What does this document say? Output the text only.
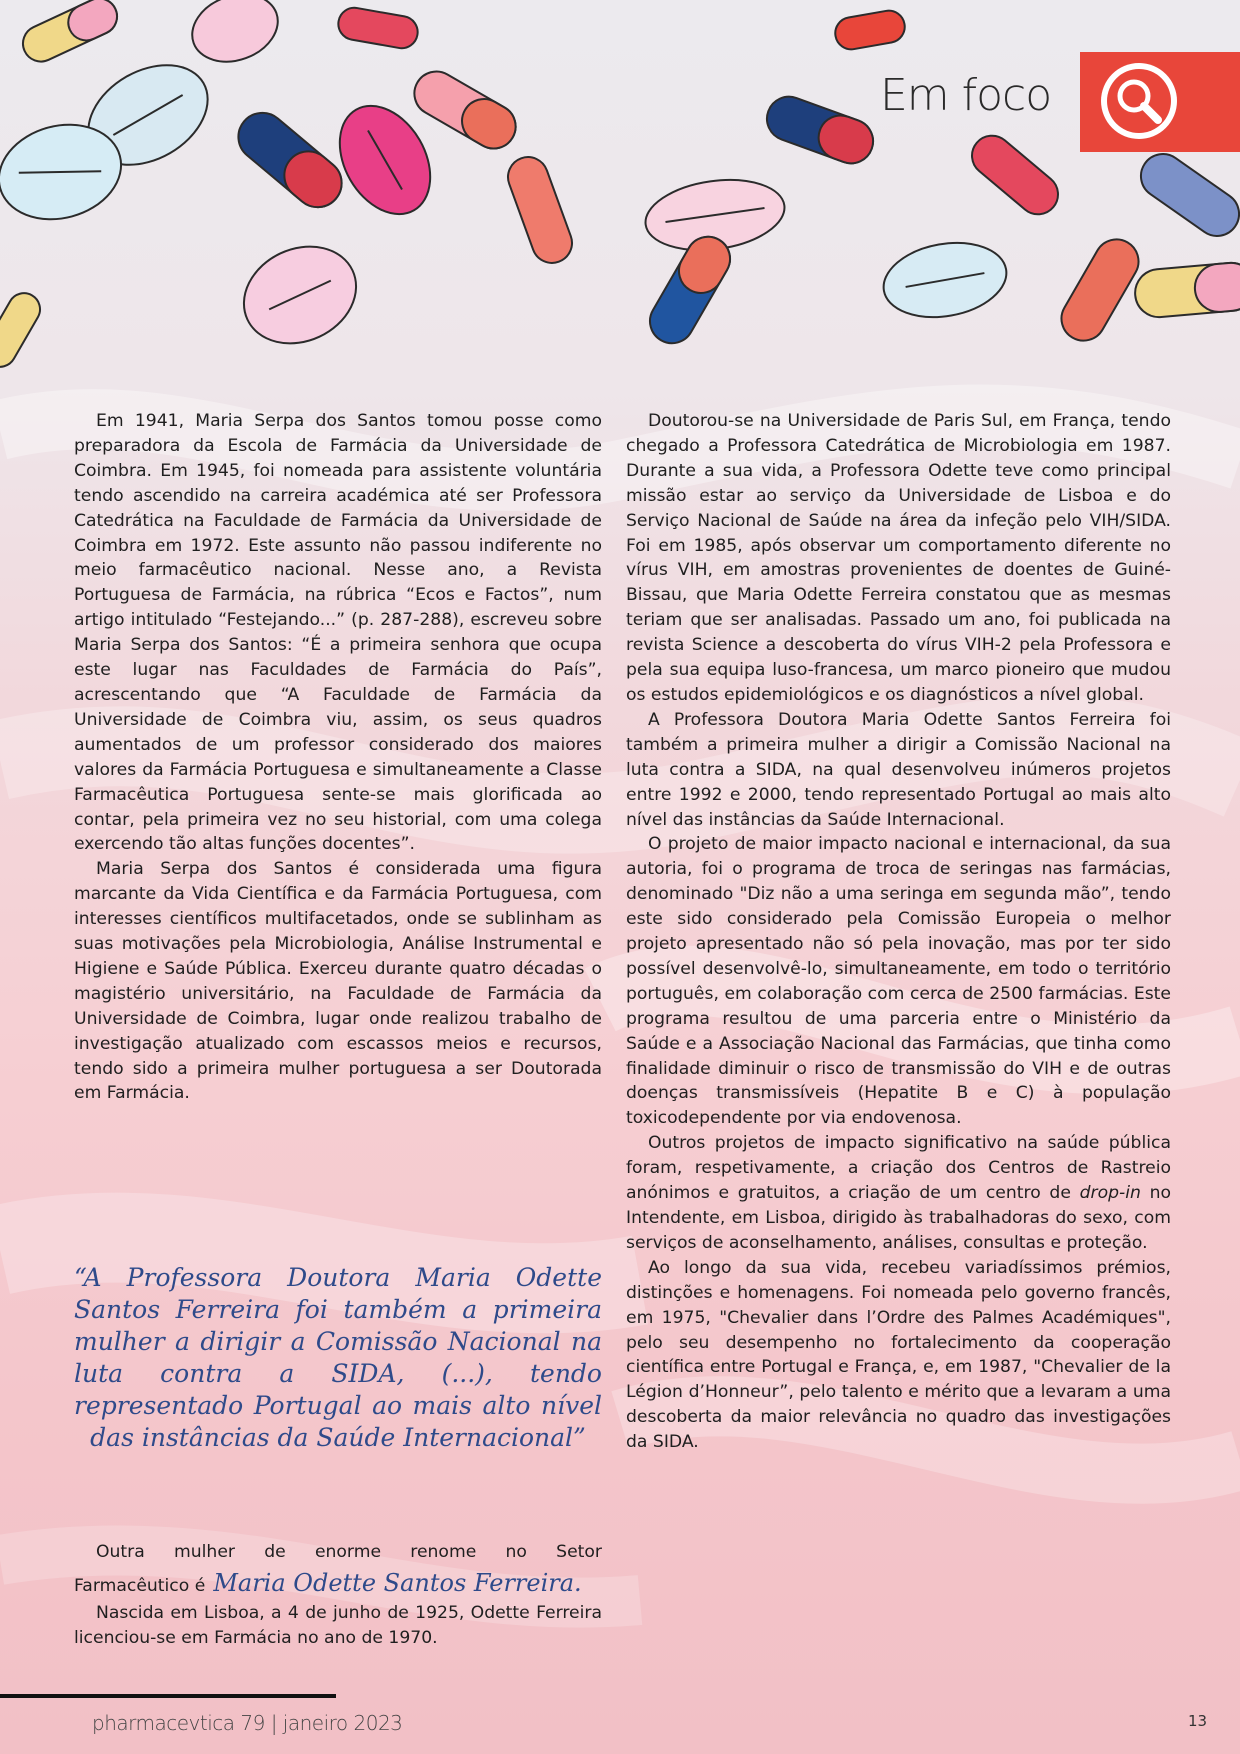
Em foco

Em 1941, Maria Serpa dos Santos tomou posse como preparadora da Escola de Farmácia da Universidade de Coimbra. Em 1945, foi nomeada para assistente voluntária tendo ascendido na carreira académica até ser Professora Catedrática na Faculdade de Farmácia da Universidade de Coimbra em 1972. Este assunto não passou indiferente no meio farmacêutico nacional. Nesse ano, a Revista Portuguesa de Farmácia, na rúbrica “Ecos e Factos”, num artigo intitulado “Festejando...” (p. 287-288), escreveu sobre Maria Serpa dos Santos: “É a primeira senhora que ocupa este lugar nas Faculdades de Farmácia do País”, acrescentando que “A Faculdade de Farmácia da Universidade de Coimbra viu, assim, os seus quadros aumentados de um professor considerado dos maiores valores da Farmácia Portuguesa e simultaneamente a Classe Farmacêutica Portuguesa sente-se mais glorificada ao contar, pela primeira vez no seu historial, com uma colega exercendo tão altas funções docentes”.

Maria Serpa dos Santos é considerada uma figura marcante da Vida Científica e da Farmácia Portuguesa, com interesses científicos multifacetados, onde se sublinham as suas motivações pela Microbiologia, Análise Instrumental e Higiene e Saúde Pública. Exerceu durante quatro décadas o magistério universitário, na Faculdade de Farmácia da Universidade de Coimbra, lugar onde realizou trabalho de investigação atualizado com escassos meios e recursos, tendo sido a primeira mulher portuguesa a ser Doutorada em Farmácia.

“A Professora Doutora Maria Odette Santos Ferreira foi também a primeira mulher a dirigir a Comissão Nacional na luta contra a SIDA, (...), tendo representado Portugal ao mais alto nível das instâncias da Saúde Internacional”

Outra mulher de enorme renome no Setor

Farmacêutico é Maria Odette Santos Ferreira.

Nascida em Lisboa, a 4 de junho de 1925, Odette Ferreira licenciou-se em Farmácia no ano de 1970.

Doutorou-se na Universidade de Paris Sul, em França, tendo chegado a Professora Catedrática de Microbiologia em 1987. Durante a sua vida, a Professora Odette teve como principal missão estar ao serviço da Universidade de Lisboa e do Serviço Nacional de Saúde na área da infeção pelo VIH/SIDA. Foi em 1985, após observar um comportamento diferente no vírus VIH, em amostras provenientes de doentes de Guiné-Bissau, que Maria Odette Ferreira constatou que as mesmas teriam que ser analisadas. Passado um ano, foi publicada na revista Science a descoberta do vírus VIH-2 pela Professora e pela sua equipa luso-francesa, um marco pioneiro que mudou os estudos epidemiológicos e os diagnósticos a nível global.

A Professora Doutora Maria Odette Santos Ferreira foi também a primeira mulher a dirigir a Comissão Nacional na luta contra a SIDA, na qual desenvolveu inúmeros projetos entre 1992 e 2000, tendo representado Portugal ao mais alto nível das instâncias da Saúde Internacional.

O projeto de maior impacto nacional e internacional, da sua autoria, foi o programa de troca de seringas nas farmácias, denominado "Diz não a uma seringa em segunda mão”, tendo este sido considerado pela Comissão Europeia o melhor projeto apresentado não só pela inovação, mas por ter sido possível desenvolvê-lo, simultaneamente, em todo o território português, em colaboração com cerca de 2500 farmácias. Este programa resultou de uma parceria entre o Ministério da Saúde e a Associação Nacional das Farmácias, que tinha como finalidade diminuir o risco de transmissão do VIH e de outras doenças transmissíveis (Hepatite B e C) à população toxicodependente por via endovenosa.

Outros projetos de impacto significativo na saúde pública foram, respetivamente, a criação dos Centros de Rastreio anónimos e gratuitos, a criação de um centro de drop-in no Intendente, em Lisboa, dirigido às trabalhadoras do sexo, com serviços de aconselhamento, análises, consultas e proteção.

Ao longo da sua vida, recebeu variadíssimos prémios, distinções e homenagens. Foi nomeada pelo governo francês, em 1975, "Chevalier dans l’Ordre des Palmes Académiques", pelo seu desempenho no fortalecimento da cooperação científica entre Portugal e França, e, em 1987, "Chevalier de la Légion d’Honneur”, pelo talento e mérito que a levaram a uma descoberta da maior relevância no quadro das investigações da SIDA.

pharmacevtica 79 | janeiro 2023	13
